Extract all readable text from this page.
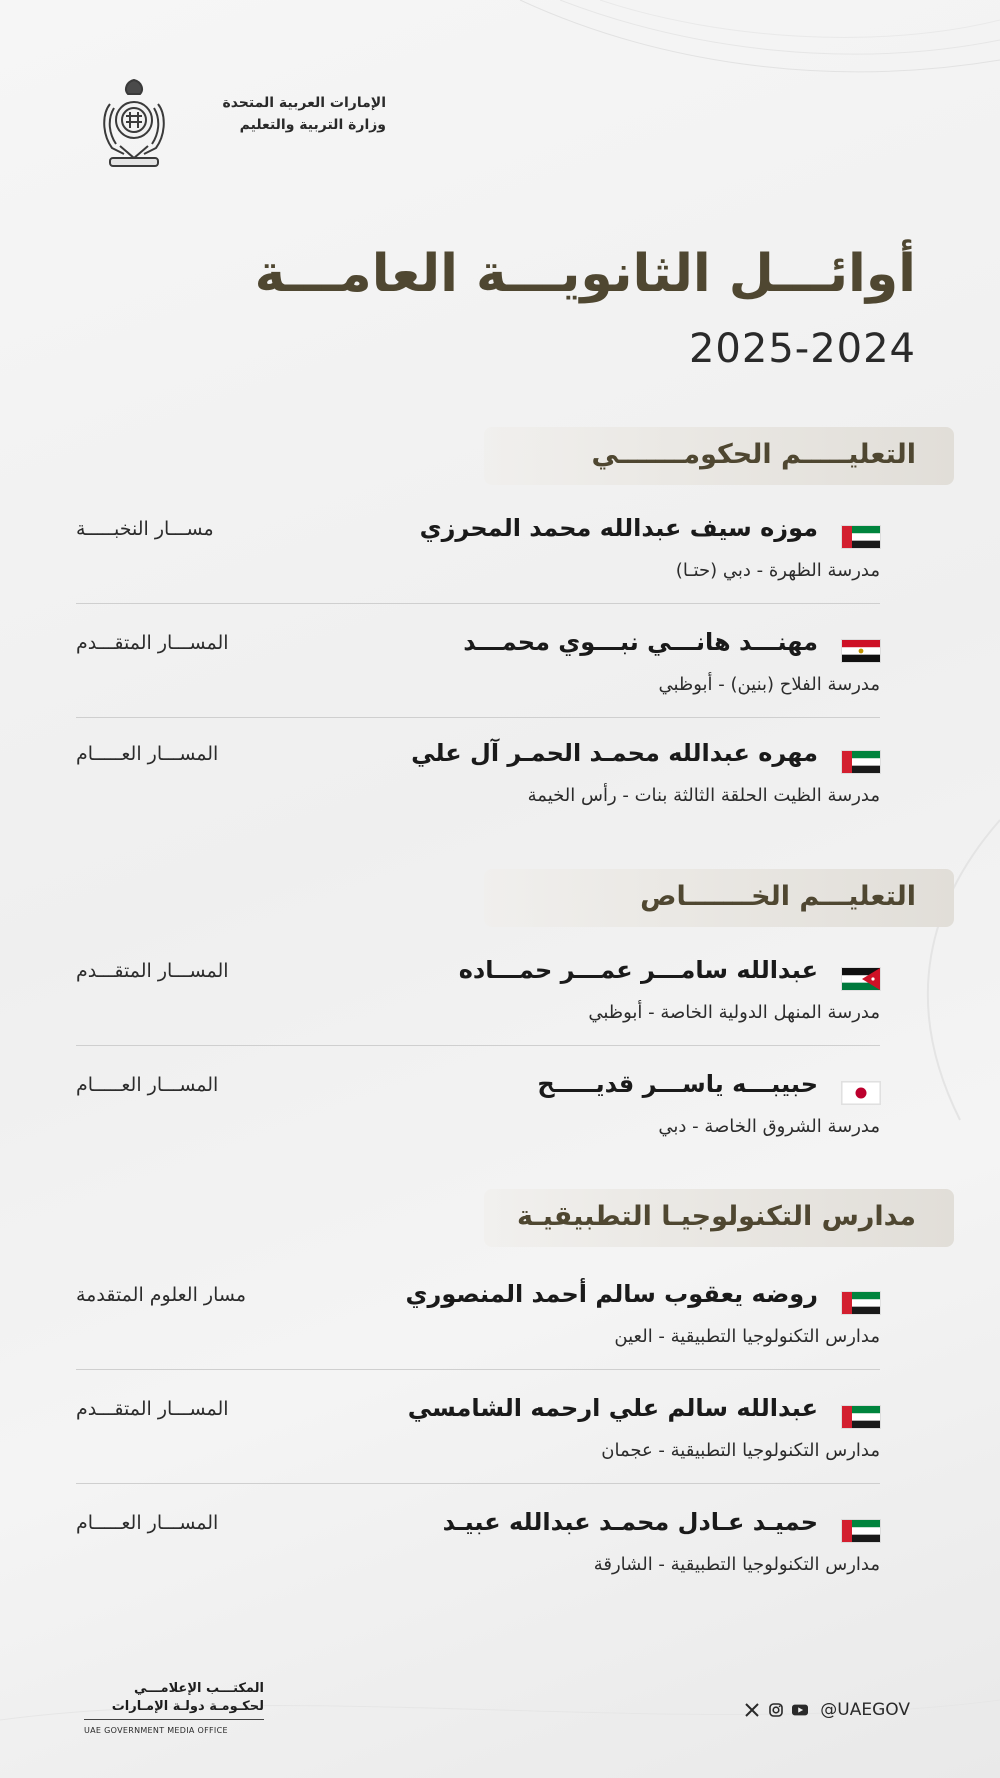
الإمارات العربية المتحدة
وزارة التربية والتعليم
أوائـــل الثانويـــة العامـــة
2025-2024
التعليـــــم الحكومـــــــي
موزه سيف عبدالله محمد المحرزي
مدرسة الظهرة - دبي (حتـا)
مســـار النخبـــــة
مهنـــد هانـــي نبـــوي محمـــد
مدرسة الفلاح (بنين) - أبوظبي
المســـار المتقـــدم
مهره عبدالله محمـد الحمـر آل علي
مدرسة الظيت الحلقة الثالثة بنات - رأس الخيمة
المســـار العـــــام
التعليـــم الخـــــــاص
عبدالله سامـــر عمـــر حمـــاده
مدرسة المنهل الدولية الخاصة - أبوظبي
المســـار المتقـــدم
حبيبـــه ياســـر قديـــــح
مدرسة الشروق الخاصة - دبي
المســـار العـــــام
مدارس التكنولوجيـا التطبيقيـة
روضه يعقوب سالم أحمد المنصوري
مدارس التكنولوجيا التطبيقية - العين
مسار العلوم المتقدمة
عبدالله سالم علي ارحمه الشامسي
مدارس التكنولوجيا التطبيقية - عجمان
المســـار المتقـــدم
حميـد عـادل محمـد عبدالله عبيـد
مدارس التكنولوجيا التطبيقية - الشارقة
المســـار العـــــام
المكتـــب الإعلامـــي
لحكـومـة دولـة الإمـارات
UAE GOVERNMENT MEDIA OFFICE
@UAEGOV
